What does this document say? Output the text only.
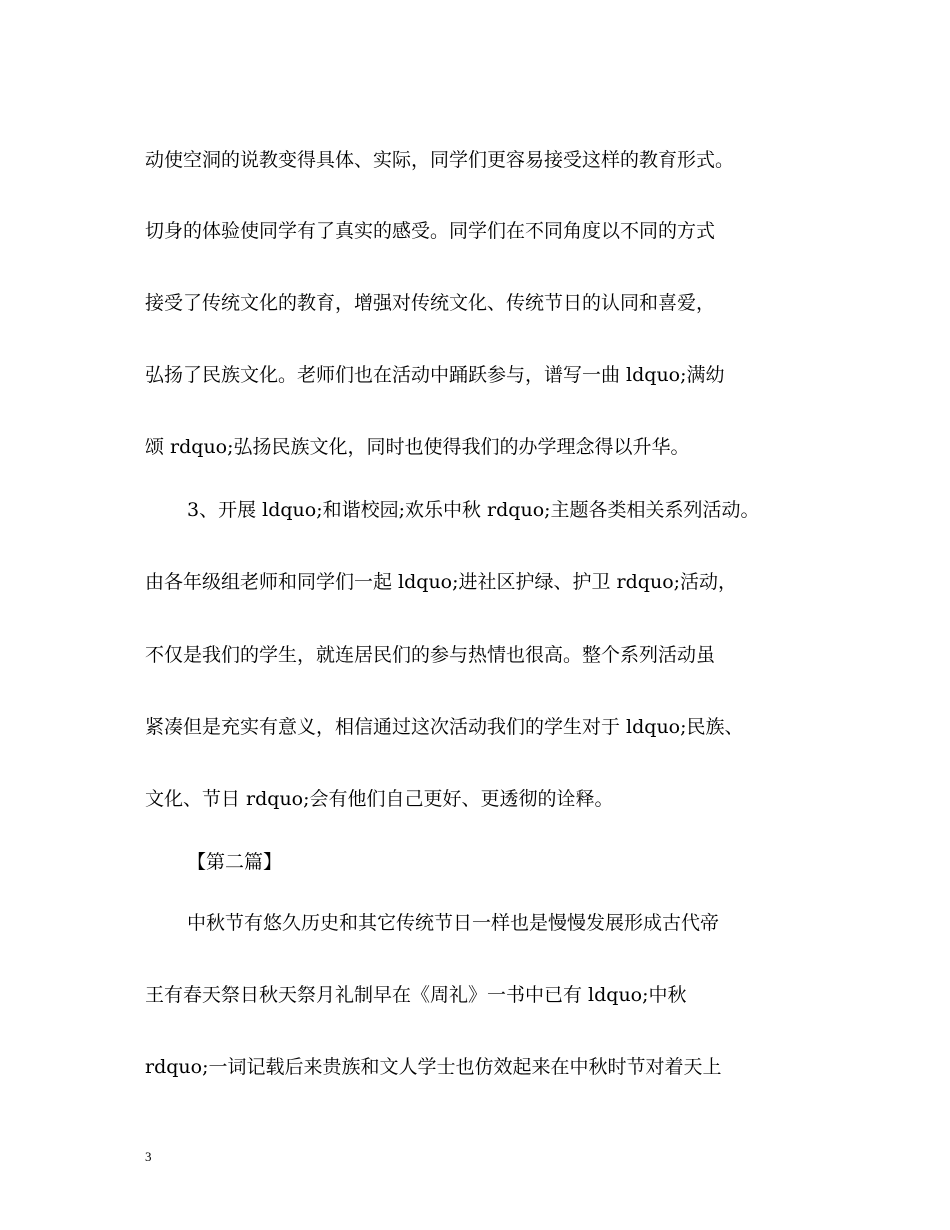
动使空洞的说教变得具体、实际，同学们更容易接受这样的教育形式。
切身的体验使同学有了真实的感受。同学们在不同角度以不同的方式
接受了传统文化的教育，增强对传统文化、传统节日的认同和喜爱，
弘扬了民族文化。老师们也在活动中踊跃参与，谱写一曲 ldquo;满幼
颂 rdquo;弘扬民族文化，同时也使得我们的办学理念得以升华。
3、开展 ldquo;和谐校园;欢乐中秋 rdquo;主题各类相关系列活动。
由各年级组老师和同学们一起 ldquo;进社区护绿、护卫 rdquo;活动，
不仅是我们的学生，就连居民们的参与热情也很高。整个系列活动虽
紧凑但是充实有意义，相信通过这次活动我们的学生对于 ldquo;民族、
文化、节日 rdquo;会有他们自己更好、更透彻的诠释。
【第二篇】
中秋节有悠久历史和其它传统节日一样也是慢慢发展形成古代帝
王有春天祭日秋天祭月礼制早在《周礼》一书中已有 ldquo;中秋
rdquo;一词记载后来贵族和文人学士也仿效起来在中秋时节对着天上
3
